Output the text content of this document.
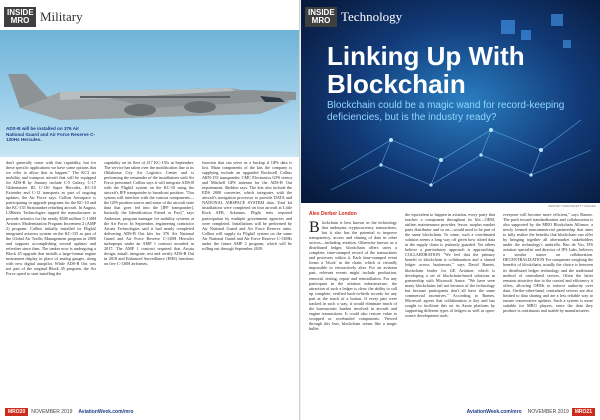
INSIDE MRO Military
ADS-B will be installed on 376 Air National Guard and Air Force Reserve C-130Hs Hercules.
don't generally come with that capability, but for these specific applications we have some options that we offer to allow that to happen." The KC3 air mobility and transport aircraft that will be equipped for ADS-B by January include C-5 Galaxy, C-17 Globemaster III, C-130 Super Hercules, KC-10 Extender and C-12 transports as part of ongoing updates, the Air Force says. Collins Aerospace is participating in upgrade programs for the KC-10 and the KC-135 Stratotanker refueling aircraft. In August, L3Harris Technologies tapped the manufacturer to provide avionics for the nearly $500 million C-130H Avionics Modernization Program Increment 2 (AMP 2) program. Collins initially installed its Flight2 integrated avionics system on the KC-135 as part of the Global Air Traffic Management program in 2000 and supports accomplishing several updates and refreshes since then. The tanker now is undergoing a Block 45 upgrade that installs a large-format engine instrument display in place of analog gauges, along with new digital autopilot. While ADS-B Out was not part of the original Block 45 program, the Air Force opted to start installing the
capability on its fleet of 417 KC-135s in September. The service has taken over the modification line at its Oklahoma City Air Logistics Center and is performing the remainder of the installations with Air Force personnel. Collins says it will integrate ADS-B with the Flight2 system on the KC-10 using the aircraft's IFF transponder to broadcast position. "Our system will interface with the various components—the GPS position source and some of the aircraft state data that goes fed into the [IFF transponder], basically the Identification Friend or Foe]," says Anderson, program manager for mobility systems at the Air Force. In September, engineering contractor Arcata Technologies said it had nearly completed delivering ADS-B Out kits for 376 Air National Guard and Air Force Reserve C-130H Hercules turboprops under an AMP 1 contract awarded in 2017. The AMP 1 contract required that Arcata design, install, integrate, test and certify ADS-B Out in 2018 and Enhanced Surveillance (EHS) functions on five C-130H airframes.
function that can serve as a backup if GPS data is lost. Main components of the kits the company is supplying include an upgraded Rockwell Collins ARN-153 transponder, CMC Electronics GPS sensor and Mitchell GPS antenna for the ADS-B Out requirement, Sheldon says. The kits also include the EDS 2000 converter, which integrates with the aircraft's navigation processor to provide DATA and NATIONAL AIRSPACE SYSTEM data. Trial kit installations were completed on four aircraft at Little Rock AFB, Arkansas. Flight tests required participation by multiple government agencies and were completed. Installations will be performed by Air National Guard and Air Force Reserve units. Collins will supply its Flight2 system on the same Air National Guard and Air Force Reserve C-130Hs under the future AMP 2 program, which will be rolling out through September 2029.
MRO20	NOVEMBER 2019 AviationWeek.com/mro
INSIDE MRO Technology
Linking Up With
Blockchain
Blockchain could be a magic wand for record-keeping deficiencies, but is the industry ready?
SERGEY NIVENS/GETTY IMAGES
Alex Derber London
Blockchain is best known as the technology that underpins cryptocurrency transactions, but it also has the potential to improve transparency, access and sharing of data in other sectors—including aviation. Otherwise known as a distributed ledger, blockchain offers users a complete, time-stamped record of the transactions and processes within it. Each time-stamped event forms a 'block' in the chain, which is virtually impossible to retroactively alter. For an aviation part, relevant events might include production, removal, testing, repair and reinstallation. For any participant in the aviation infrastructure, the attraction of such a ledger is clear: the ability to call up complete, verified back-to-birth records for any part at the touch of a button. If every part were tracked in such a way, it would eliminate much of the bureaucratic burden involved in aircraft and engine transactions. It could also restore value to scrapped or overhauled components. Viewed through this lens, blockchain seems like a magic bullet.
the equivalent to happen in aviation, every party that touches a component throughout its life—OEM, airline, maintenance provider, lessor, surplus market parts distributor and so on—would need to be part of the same blockchain. To some, such a coordinated solution seems a long way off given how siloed data in the supply chain is jealously guarded. Yet others believe a pan-industry approach is approaching. COLLABORATION "We feel that the primary benefit to blockchain is collaboration and a shared ledger across businesses," says David Barnes, blockchain leader for GE Aviation, which is developing a set of blockchain-based solutions in partnership with Microsoft Azure. "We have seen many blockchains fail not because of the technology but because participants don't all have the same commercial incentives." According to Barnes, Microsoft agrees that collaboration is key and has sought to facilitate this on its Azure platform by supporting different types of ledgers as well as open-source development tools.
everyone will become more efficient," says Barnes. The push toward standardization and collaboration is also supported by the MRO Blockchain Alliance, a newly formed noncommercial partnership that aims to fully realize the benefits that blockchain can offer by bringing together all aftermarket stakeholders under the technology's umbrella. Bao de Vos, IFS aviation specialist and director of IFS Labs, believes a similar stance on collaboration. DECENTRALIZATION For companies weighing the benefits of blockchain, usually the choice is between its distributed ledger technology and the traditional method of centralized servers. Often the latter remains attractive due to the control and efficiency it offers, allowing OEMs to enforce authority over data. On-the-other-hand, centralized servers are also limited to data sharing and are a less reliable way to ensure conservative updates. Such a system is more suitable for MRO players, since the data they produce is continuous and usable by manufacturers.
AviationWeek.com/mro NOVEMBER 2019	MRO21
